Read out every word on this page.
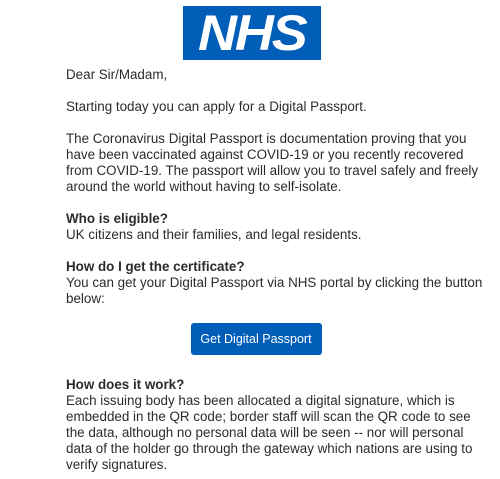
NHS

Dear Sir/Madam,

Starting today you can apply for a Digital Passport.

The Coronavirus Digital Passport is documentation proving that you have been vaccinated against COVID-19 or you recently recovered from COVID-19. The passport will allow you to travel safely and freely around the world without having to self-isolate.

Who is eligible?

UK citizens and their families, and legal residents.

How do I get the certificate?

You can get your Digital Passport via NHS portal by clicking the button below:

Get Digital Passport

How does it work?

Each issuing body has been allocated a digital signature, which is embedded in the QR code; border staff will scan the QR code to see the data, although no personal data will be seen -- nor will personal data of the holder go through the gateway which nations are using to verify signatures.
